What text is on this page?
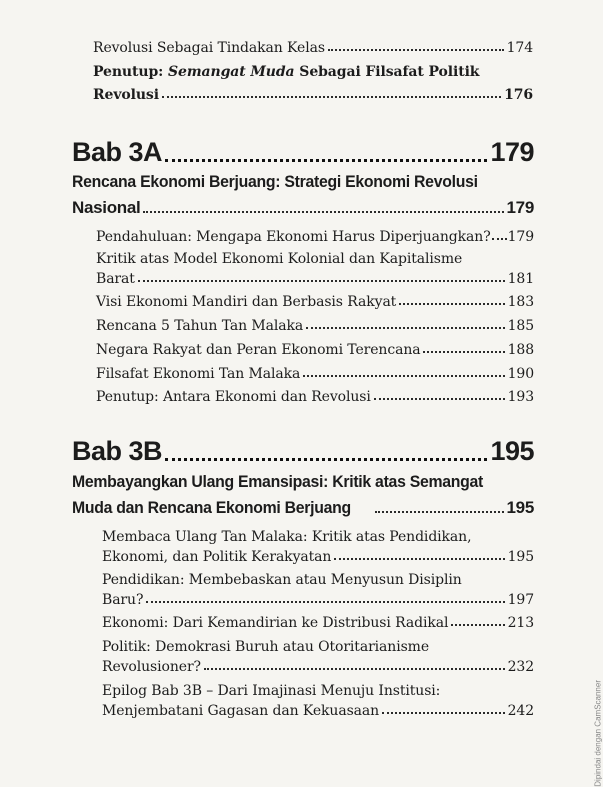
Revolusi Sebagai Tindakan Kelas	174
Penutup: Semangat Muda Sebagai Filsafat Politik
Revolusi	176
Bab 3A	179
Rencana Ekonomi Berjuang: Strategi Ekonomi Revolusi
Nasional	179
Pendahuluan: Mengapa Ekonomi Harus Diperjuangkan? 179
Kritik atas Model Ekonomi Kolonial dan Kapitalisme
Barat	181
Visi Ekonomi Mandiri dan Berbasis Rakyat	183
Rencana 5 Tahun Tan Malaka	185
Negara Rakyat dan Peran Ekonomi Terencana	188
Filsafat Ekonomi Tan Malaka	190
Penutup: Antara Ekonomi dan Revolusi	193
Bab 3B	195
Membayangkan Ulang Emansipasi: Kritik atas Semangat
Muda dan Rencana Ekonomi Berjuang	195
Membaca Ulang Tan Malaka: Kritik atas Pendidikan,
Ekonomi, dan Politik Kerakyatan	195
Pendidikan: Membebaskan atau Menyusun Disiplin
Baru?	197
Ekonomi: Dari Kemandirian ke Distribusi Radikal	213
Politik: Demokrasi Buruh atau Otoritarianisme
Revolusioner?	232
Epilog Bab 3B – Dari Imajinasi Menuju Institusi:
Menjembatani Gagasan dan Kekuasaan	242	Dipindai dengan CamScanner
